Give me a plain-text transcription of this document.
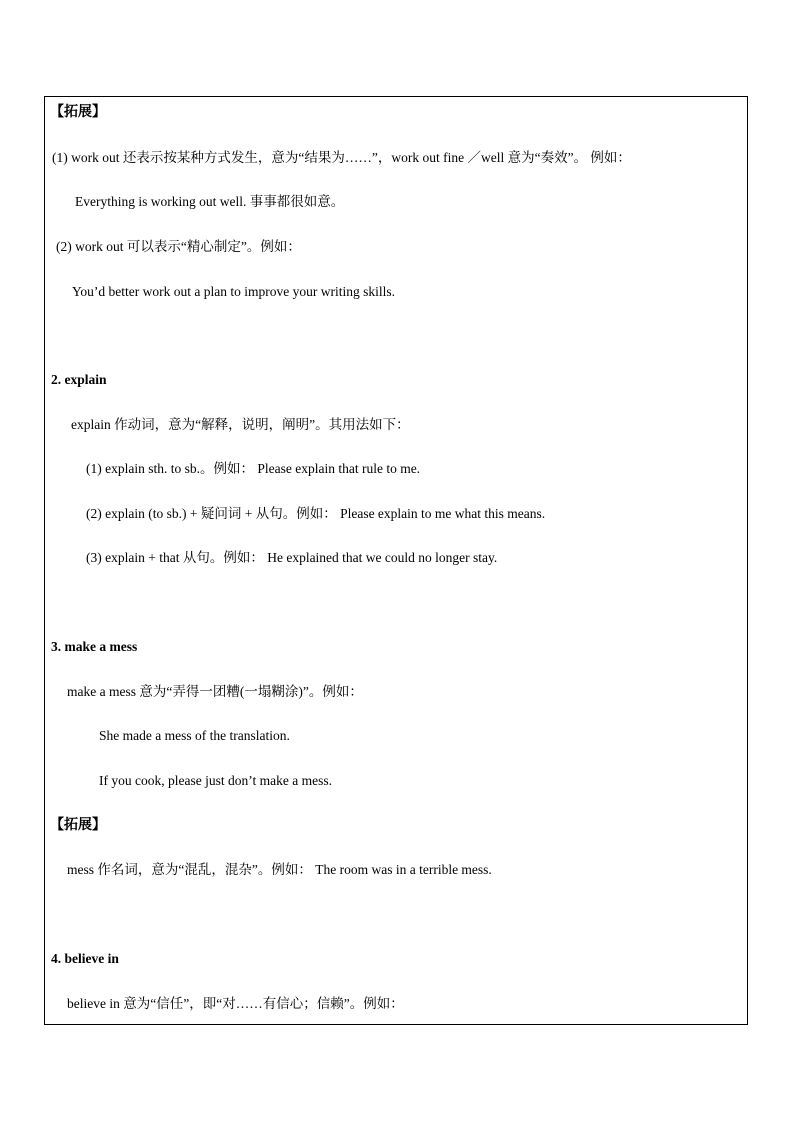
【拓展】
(1) work out 还表示按某种方式发生，意为“结果为……”，work out fine ／well 意为“奏效”。 例如：
Everything is working out well. 事事都很如意。
(2) work out 可以表示“精心制定”。例如：
You’d better work out a plan to improve your writing skills.
2. explain
explain 作动词，意为“解释，说明，阐明”。其用法如下：
(1) explain sth. to sb.。例如： Please explain that rule to me.
(2) explain (to sb.) + 疑问词 + 从句。例如： Please explain to me what this means.
(3) explain + that 从句。例如： He explained that we could no longer stay.
3. make a mess
make a mess 意为“弄得一团糟(一塌糊涂)”。例如：
She made a mess of the translation.
If you cook, please just don’t make a mess.
【拓展】
mess 作名词，意为“混乱，混杂”。例如： The room was in a terrible mess.
4. believe in
believe in 意为“信任”，即“对……有信心；信赖”。例如：
